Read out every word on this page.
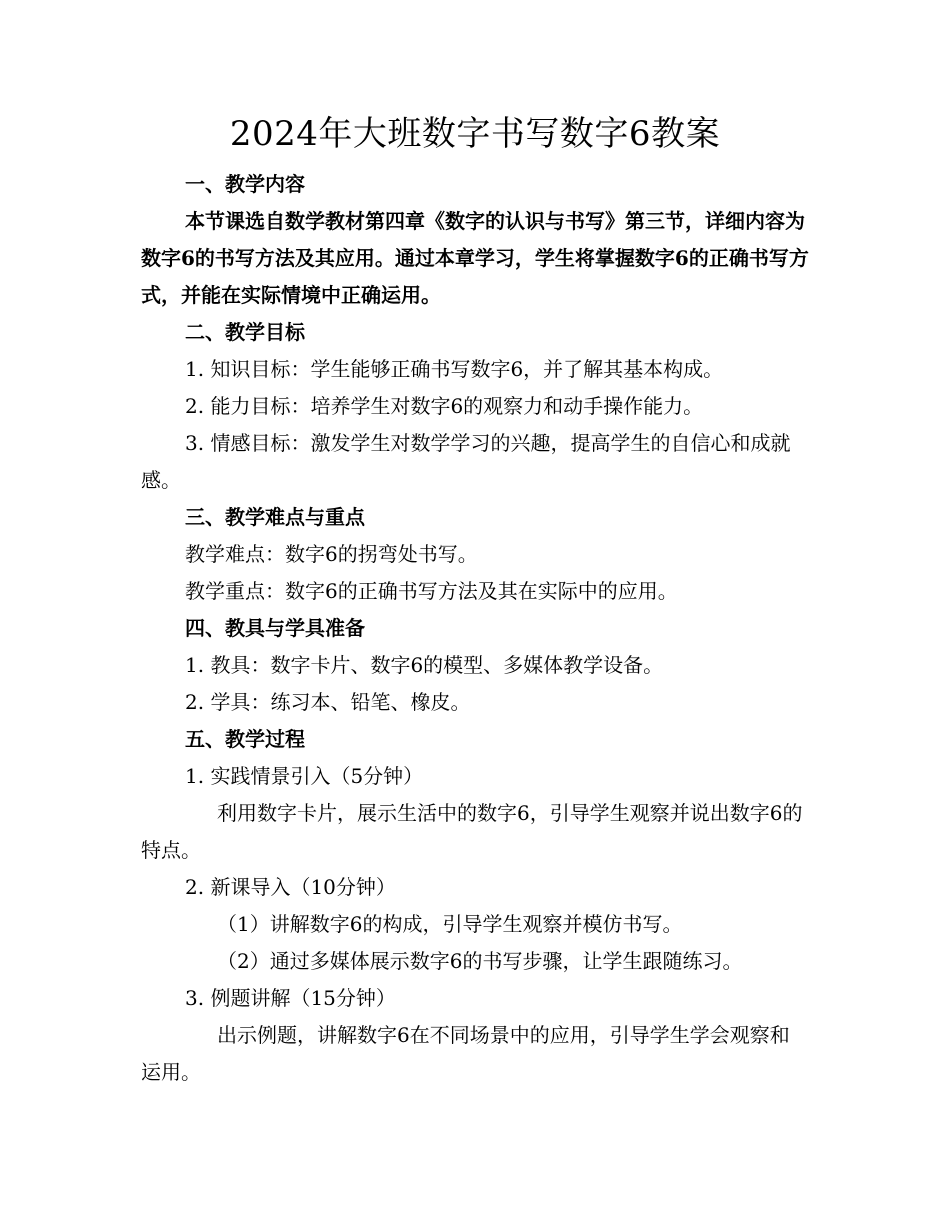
2024年大班数字书写数字6教案

一、教学内容

本节课选自数学教材第四章《数字的认识与书写》第三节，详细内容为数字6的书写方法及其应用。通过本章学习，学生将掌握数字6的正确书写方式，并能在实际情境中正确运用。

二、教学目标

1. 知识目标：学生能够正确书写数字6，并了解其基本构成。

2. 能力目标：培养学生对数字6的观察力和动手操作能力。

3. 情感目标：激发学生对数学学习的兴趣，提高学生的自信心和成就感。

三、教学难点与重点

教学难点：数字6的拐弯处书写。

教学重点：数字6的正确书写方法及其在实际中的应用。

四、教具与学具准备

1. 教具：数字卡片、数字6的模型、多媒体教学设备。

2. 学具：练习本、铅笔、橡皮。

五、教学过程

1. 实践情景引入（5分钟）

利用数字卡片，展示生活中的数字6，引导学生观察并说出数字6的特点。

2. 新课导入（10分钟）

（1）讲解数字6的构成，引导学生观察并模仿书写。

（2）通过多媒体展示数字6的书写步骤，让学生跟随练习。

3. 例题讲解（15分钟）

出示例题，讲解数字6在不同场景中的应用，引导学生学会观察和运用。
